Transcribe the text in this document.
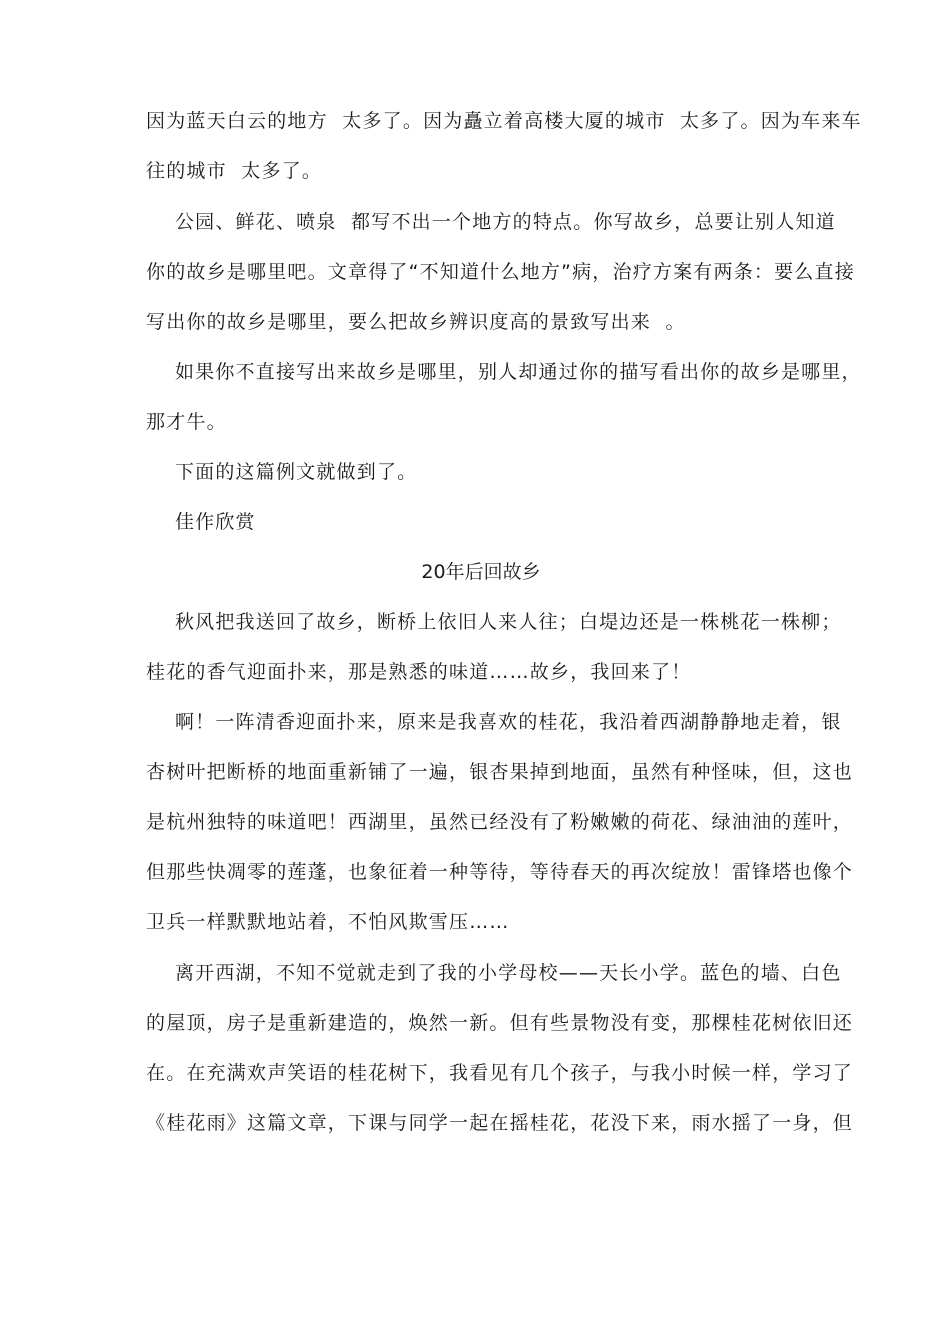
因为蓝天白云的地方  太多了。因为矗立着高楼大厦的城市  太多了。因为车来车
往的城市  太多了。
公园、鲜花、喷泉  都写不出一个地方的特点。你写故乡，总要让别人知道
你的故乡是哪里吧。文章得了“不知道什么地方”病，治疗方案有两条：要么直接
写出你的故乡是哪里，要么把故乡辨识度高的景致写出来  。
如果你不直接写出来故乡是哪里，别人却通过你的描写看出你的故乡是哪里，
那才牛。
下面的这篇例文就做到了。
佳作欣赏
20年后回故乡
秋风把我送回了故乡，断桥上依旧人来人往；白堤边还是一株桃花一株柳；
桂花的香气迎面扑来，那是熟悉的味道……故乡，我回来了！
啊！一阵清香迎面扑来，原来是我喜欢的桂花，我沿着西湖静静地走着，银
杏树叶把断桥的地面重新铺了一遍，银杏果掉到地面，虽然有种怪味，但，这也
是杭州独特的味道吧！西湖里，虽然已经没有了粉嫩嫩的荷花、绿油油的莲叶，
但那些快凋零的莲蓬，也象征着一种等待，等待春天的再次绽放！雷锋塔也像个
卫兵一样默默地站着，不怕风欺雪压……
离开西湖，不知不觉就走到了我的小学母校——天长小学。蓝色的墙、白色
的屋顶，房子是重新建造的，焕然一新。但有些景物没有变，那棵桂花树依旧还
在。在充满欢声笑语的桂花树下，我看见有几个孩子，与我小时候一样，学习了
《桂花雨》这篇文章，下课与同学一起在摇桂花，花没下来，雨水摇了一身，但
